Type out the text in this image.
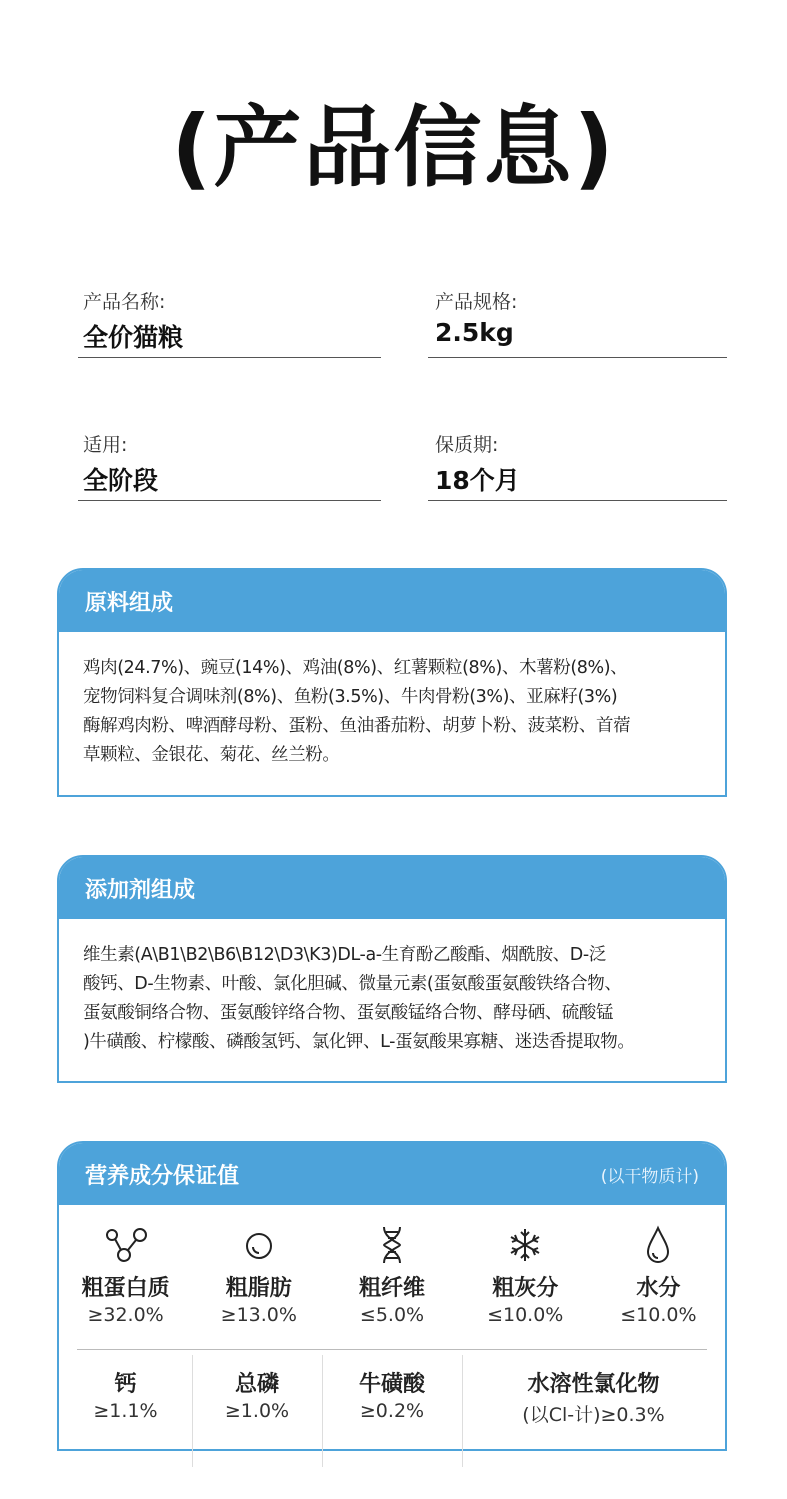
(产品信息)
产品名称:
全价猫粮
产品规格:
2.5kg
适用:
全阶段
保质期:
18个月
原料组成
鸡肉(24.7%)、豌豆(14%)、鸡油(8%)、红薯颗粒(8%)、木薯粉(8%)、
宠物饲料复合调味剂(8%)、鱼粉(3.5%)、牛肉骨粉(3%)、亚麻籽(3%)
酶解鸡肉粉、啤酒酵母粉、蛋粉、鱼油番茄粉、胡萝卜粉、菠菜粉、首蓿
草颗粒、金银花、菊花、丝兰粉。
添加剂组成
维生素(A\B1\B2\B6\B12\D3\K3)DL-a-生育酚乙酸酯、烟酰胺、D-泛
酸钙、D-生物素、叶酸、氯化胆碱、微量元素(蛋氨酸蛋氨酸铁络合物、
蛋氨酸铜络合物、蛋氨酸锌络合物、蛋氨酸锰络合物、酵母硒、硫酸锰
)牛磺酸、柠檬酸、磷酸氢钙、氯化钾、L-蛋氨酸果寡糖、迷迭香提取物。
营养成分保证值	(以干物质计)
粗蛋白质
≥32.0%
粗脂肪
≥13.0%
粗纤维
≤5.0%
粗灰分
≤10.0%
水分
≤10.0%
钙
≥1.1%
总磷
≥1.0%
牛磺酸
≥0.2%
水溶性氯化物
(以Cl-计)≥0.3%
